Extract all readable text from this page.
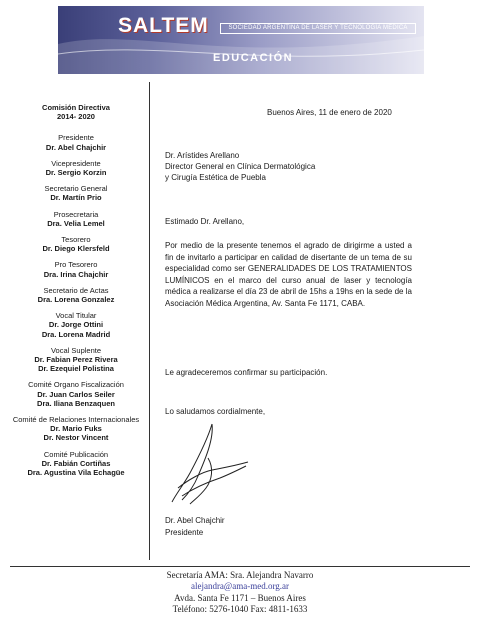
SALTEM	SOCIEDAD ARGENTINA DE LÁSER Y TECNOLOGÍA MÉDICA
EDUCACIÓN
Comisión Directiva
2014- 2020
Presidente
Dr. Abel Chajchir
Vicepresidente
Dr. Sergio Korzin
Secretario General
Dr. Martín Prio
Prosecretaria
Dra. Velia Lemel
Tesorero
Dr. Diego Klersfeld
Pro Tesorero
Dra. Irina Chajchir
Secretario de Actas
Dra. Lorena Gonzalez
Vocal Titular
Dr. Jorge Ottini
Dra. Lorena Madrid
Vocal Suplente
Dr. Fabian Perez Rivera
Dr. Ezequiel Polistina
Comité Organo Fiscalización
Dr. Juan Carlos Seiler
Dra. Iliana Benzaquen
Comité de Relaciones Internacionales
Dr. Mario Fuks
Dr. Nestor Vincent
Comité Publicación
Dr. Fabián Cortiñas
Dra. Agustina Vila Echagüe
Buenos Aires, 11 de enero de 2020
Dr. Arístides Arellano
Director General en Clínica Dermatológica
y Cirugía Estética de Puebla
Estimado Dr. Arellano,
Por medio de la presente tenemos el agrado de dirigirme a usted a fin de invitarlo a participar en calidad de disertante de un tema de su especialidad como ser GENERALIDADES DE LOS TRATAMIENTOS LUMÍNICOS en el marco del curso anual de laser y tecnología médica a realizarse el día 23 de abril de 15hs a 19hs en la sede de la Asociación Médica Argentina, Av. Santa Fe 1171, CABA.
Le agradeceremos confirmar su participación.
Lo saludamos cordialmente,
Dr. Abel Chajchir
Presidente
Secretaría AMA: Sra. Alejandra Navarro
alejandra@ama-med.org.ar
Avda. Santa Fe 1171 – Buenos Aires
Teléfono: 5276-1040 Fax: 4811-1633
